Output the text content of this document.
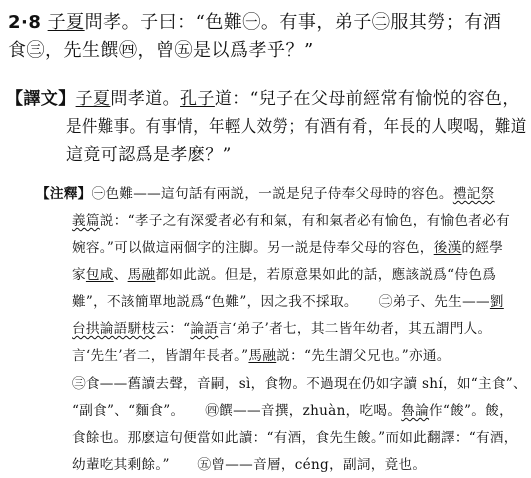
2·8 子夏問孝。子曰：“色難㊀。有事，弟子㊁服其勞；有酒
食㊂，先生饌㊃，曾㊄是以爲孝乎？”
【譯文】子夏問孝道。孔子道：“兒子在父母前經常有愉悦的容色，
是件難事。有事情，年輕人效勞；有酒有肴，年長的人喫喝，難道
這竟可認爲是孝麽？”
【注釋】㊀色難——這句話有兩説，一説是兒子侍奉父母時的容色。禮記祭
義篇説：“孝子之有深愛者必有和氣，有和氣者必有愉色，有愉色者必有
婉容。”可以做這兩個字的注脚。另一説是侍奉父母的容色，後漢的經學
家包咸、馬融都如此説。但是，若原意果如此的話，應該説爲“侍色爲
難”，不該簡單地説爲“色難”，因之我不採取。　　㊁弟子、先生——劉
台拱論語駢枝云：“論語言‘弟子’者七，其二皆年幼者，其五謂門人。
言‘先生’者二，皆謂年長者。”馬融説：“先生謂父兄也。”亦通。
㊂食——舊讀去聲，音嗣，sì，食物。不過現在仍如字讀 shí，如“主食”、
“副食”、“麵食”。　　㊃饌——音撰，zhuàn，吃喝。魯論作“餕”。餕，
食餘也。那麽這句便當如此讀：“有酒，食先生餕。”而如此翻譯：“有酒，
幼輩吃其剩餘。”　　㊄曾——音層，céng，副詞，竟也。
